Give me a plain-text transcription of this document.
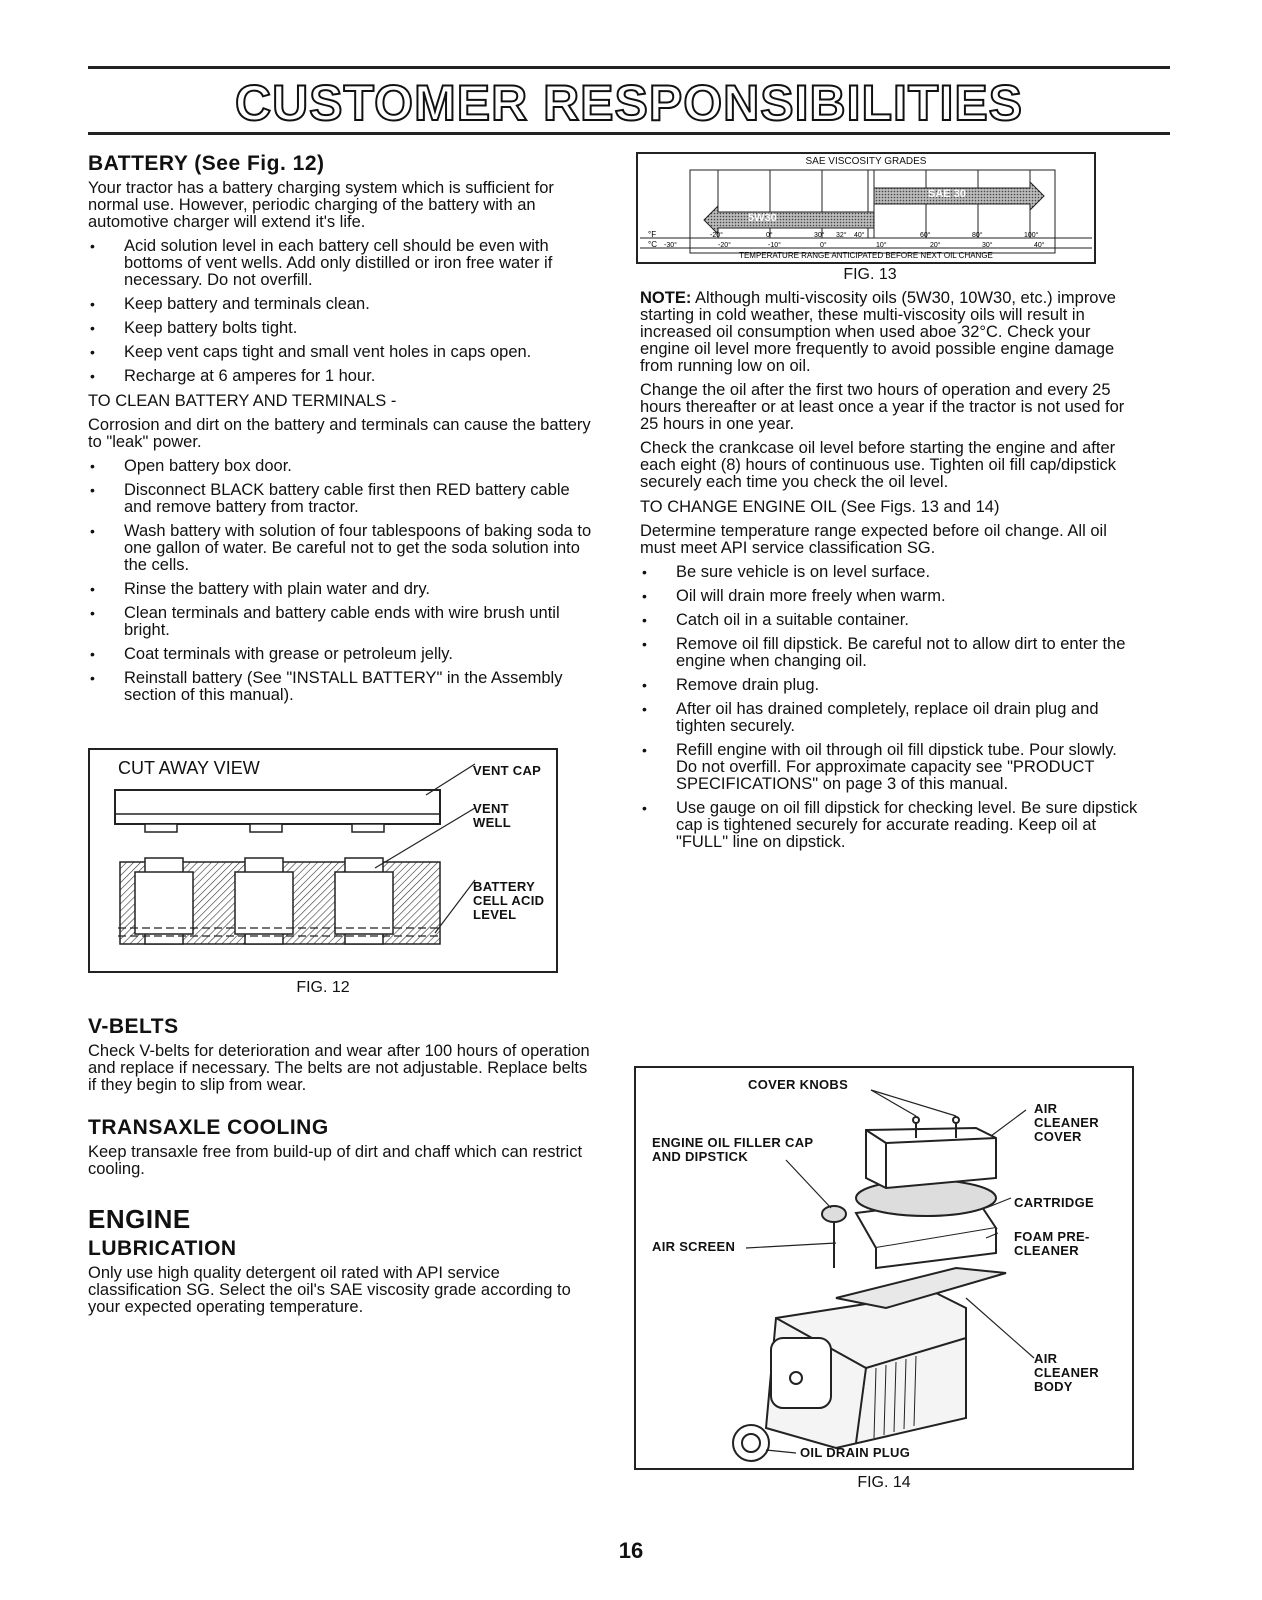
CUSTOMER RESPONSIBILITIES
BATTERY (See Fig. 12)

Your tractor has a battery charging system which is sufficient for normal use. However, periodic charging of the battery with an automotive charger will extend it's life.

• Acid solution level in each battery cell should be even with bottoms of vent wells. Add only distilled or iron free water if necessary. Do not overfill.
• Keep battery and terminals clean.
• Keep battery bolts tight.
• Keep vent caps tight and small vent holes in caps open.
• Recharge at 6 amperes for 1 hour.
TO CLEAN BATTERY AND TERMINALS -

Corrosion and dirt on the battery and terminals can cause the battery to "leak" power.

• Open battery box door.
• Disconnect BLACK battery cable first then RED battery cable and remove battery from tractor.
• Wash battery with solution of four tablespoons of baking soda to one gallon of water. Be careful not to get the soda solution into the cells.
• Rinse the battery with plain water and dry.
• Clean terminals and battery cable ends with wire brush until bright.
• Coat terminals with grease or petroleum jelly.
• Reinstall battery (See "INSTALL BATTERY" in the Assembly section of this manual).
CUT AWAY VIEW	VENT CAP
VENT WELL
BATTERY CELL ACID LEVEL
FIG. 12
V-BELTS

Check V-belts for deterioration and wear after 100 hours of operation and replace if necessary. The belts are not adjustable. Replace belts if they begin to slip from wear.

TRANSAXLE COOLING

Keep transaxle free from build-up of dirt and chaff which can restrict cooling.

ENGINE
LUBRICATION

Only use high quality detergent oil rated with API service classification SG. Select the oil's SAE viscosity grade according to your expected operating temperature.

SAE VISCOSITY GRADES
°F
°C
-20°	0°	30° 32° 40°	60°	80°	100°
-30°	-20°	-10°	0°	10°	20°	30°	40°
TEMPERATURE RANGE ANTICIPATED BEFORE NEXT OIL CHANGE
SAE 30
5W30
FIG. 13

NOTE: Although multi-viscosity oils (5W30, 10W30, etc.) improve starting in cold weather, these multi-viscosity oils will result in increased oil consumption when used aboe 32°C. Check your engine oil level more frequently to avoid possible engine damage from running low on oil.

Change the oil after the first two hours of operation and every 25 hours thereafter or at least once a year if the tractor is not used for 25 hours in one year.

Check the crankcase oil level before starting the engine and after each eight (8) hours of continuous use. Tighten oil fill cap/dipstick securely each time you check the oil level.

TO CHANGE ENGINE OIL (See Figs. 13 and 14)

Determine temperature range expected before oil change. All oil must meet API service classification SG.

• Be sure vehicle is on level surface.
• Oil will drain more freely when warm.
• Catch oil in a suitable container.
• Remove oil fill dipstick. Be careful not to allow dirt to enter the engine when changing oil.
• Remove drain plug.
• After oil has drained completely, replace oil drain plug and tighten securely.
• Refill engine with oil through oil fill dipstick tube. Pour slowly. Do not overfill. For approximate capacity see "PRODUCT SPECIFICATIONS" on page 3 of this manual.
• Use gauge on oil fill dipstick for checking level. Be sure dipstick cap is tightened securely for accurate reading. Keep oil at "FULL" line on dipstick.
COVER KNOBS
AIR CLEANER COVER
ENGINE OIL FILLER CAP AND DIPSTICK
CARTRIDGE
AIR SCREEN
FOAM PRE-CLEANER
AIR CLEANER BODY
OIL DRAIN PLUG
FIG. 14
16
